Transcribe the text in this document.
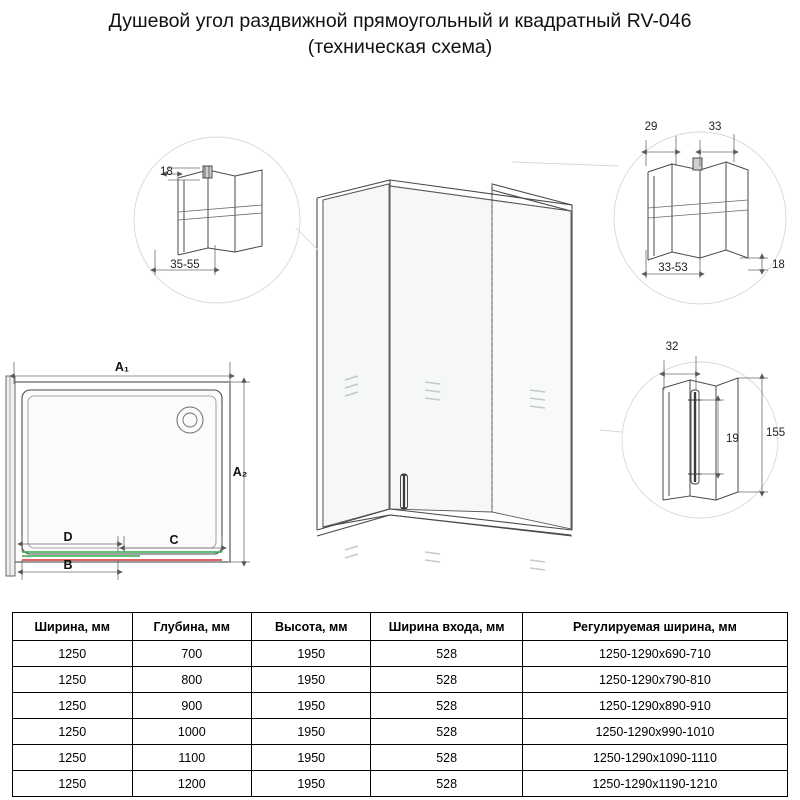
Душевой угол раздвижной прямоугольный и квадратный RV-046
(техническая схема)
18
35-55
29	33
33-53	18
32
19 155
A₁
A₂
D	C
B
Ширина, мм	Глубина, мм	Высота, мм	Ширина входа, мм	Регулируемая ширина, мм
1250	700	1950	528	1250-1290x690-710
1250	800	1950	528	1250-1290x790-810
1250	900	1950	528	1250-1290x890-910
1250	1000	1950	528	1250-1290x990-1010
1250	1100	1950	528	1250-1290x1090-1110
1250	1200	1950	528	1250-1290x1190-1210
